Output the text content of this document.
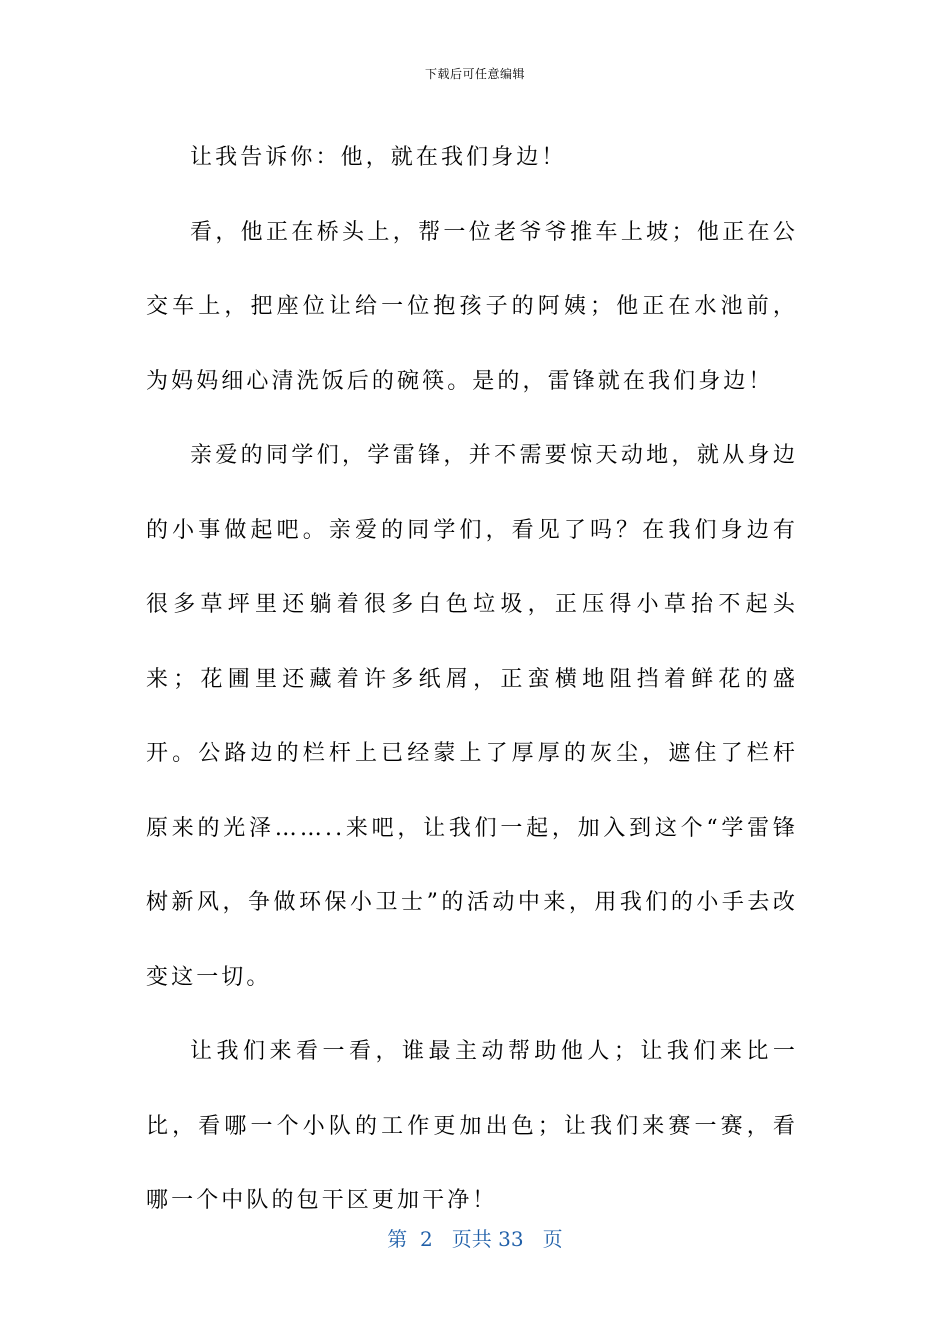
下载后可任意编辑

让我告诉你：他，就在我们身边！

看，他正在桥头上，帮一位老爷爷推车上坡；他正在公交车上，把座位让给一位抱孩子的阿姨；他正在水池前，为妈妈细心清洗饭后的碗筷。是的，雷锋就在我们身边！

亲爱的同学们，学雷锋，并不需要惊天动地，就从身边的小事做起吧。亲爱的同学们，看见了吗？在我们身边有很多草坪里还躺着很多白色垃圾，正压得小草抬不起头来；花圃里还藏着许多纸屑，正蛮横地阻挡着鲜花的盛开。公路边的栏杆上已经蒙上了厚厚的灰尘，遮住了栏杆原来的光泽……..来吧，让我们一起，加入到这个“学雷锋树新风，争做环保小卫士”的活动中来，用我们的小手去改变这一切。

让我们来看一看，谁最主动帮助他人；让我们来比一比，看哪一个小队的工作更加出色；让我们来赛一赛，看哪一个中队的包干区更加干净！

第  2   页共 33   页
